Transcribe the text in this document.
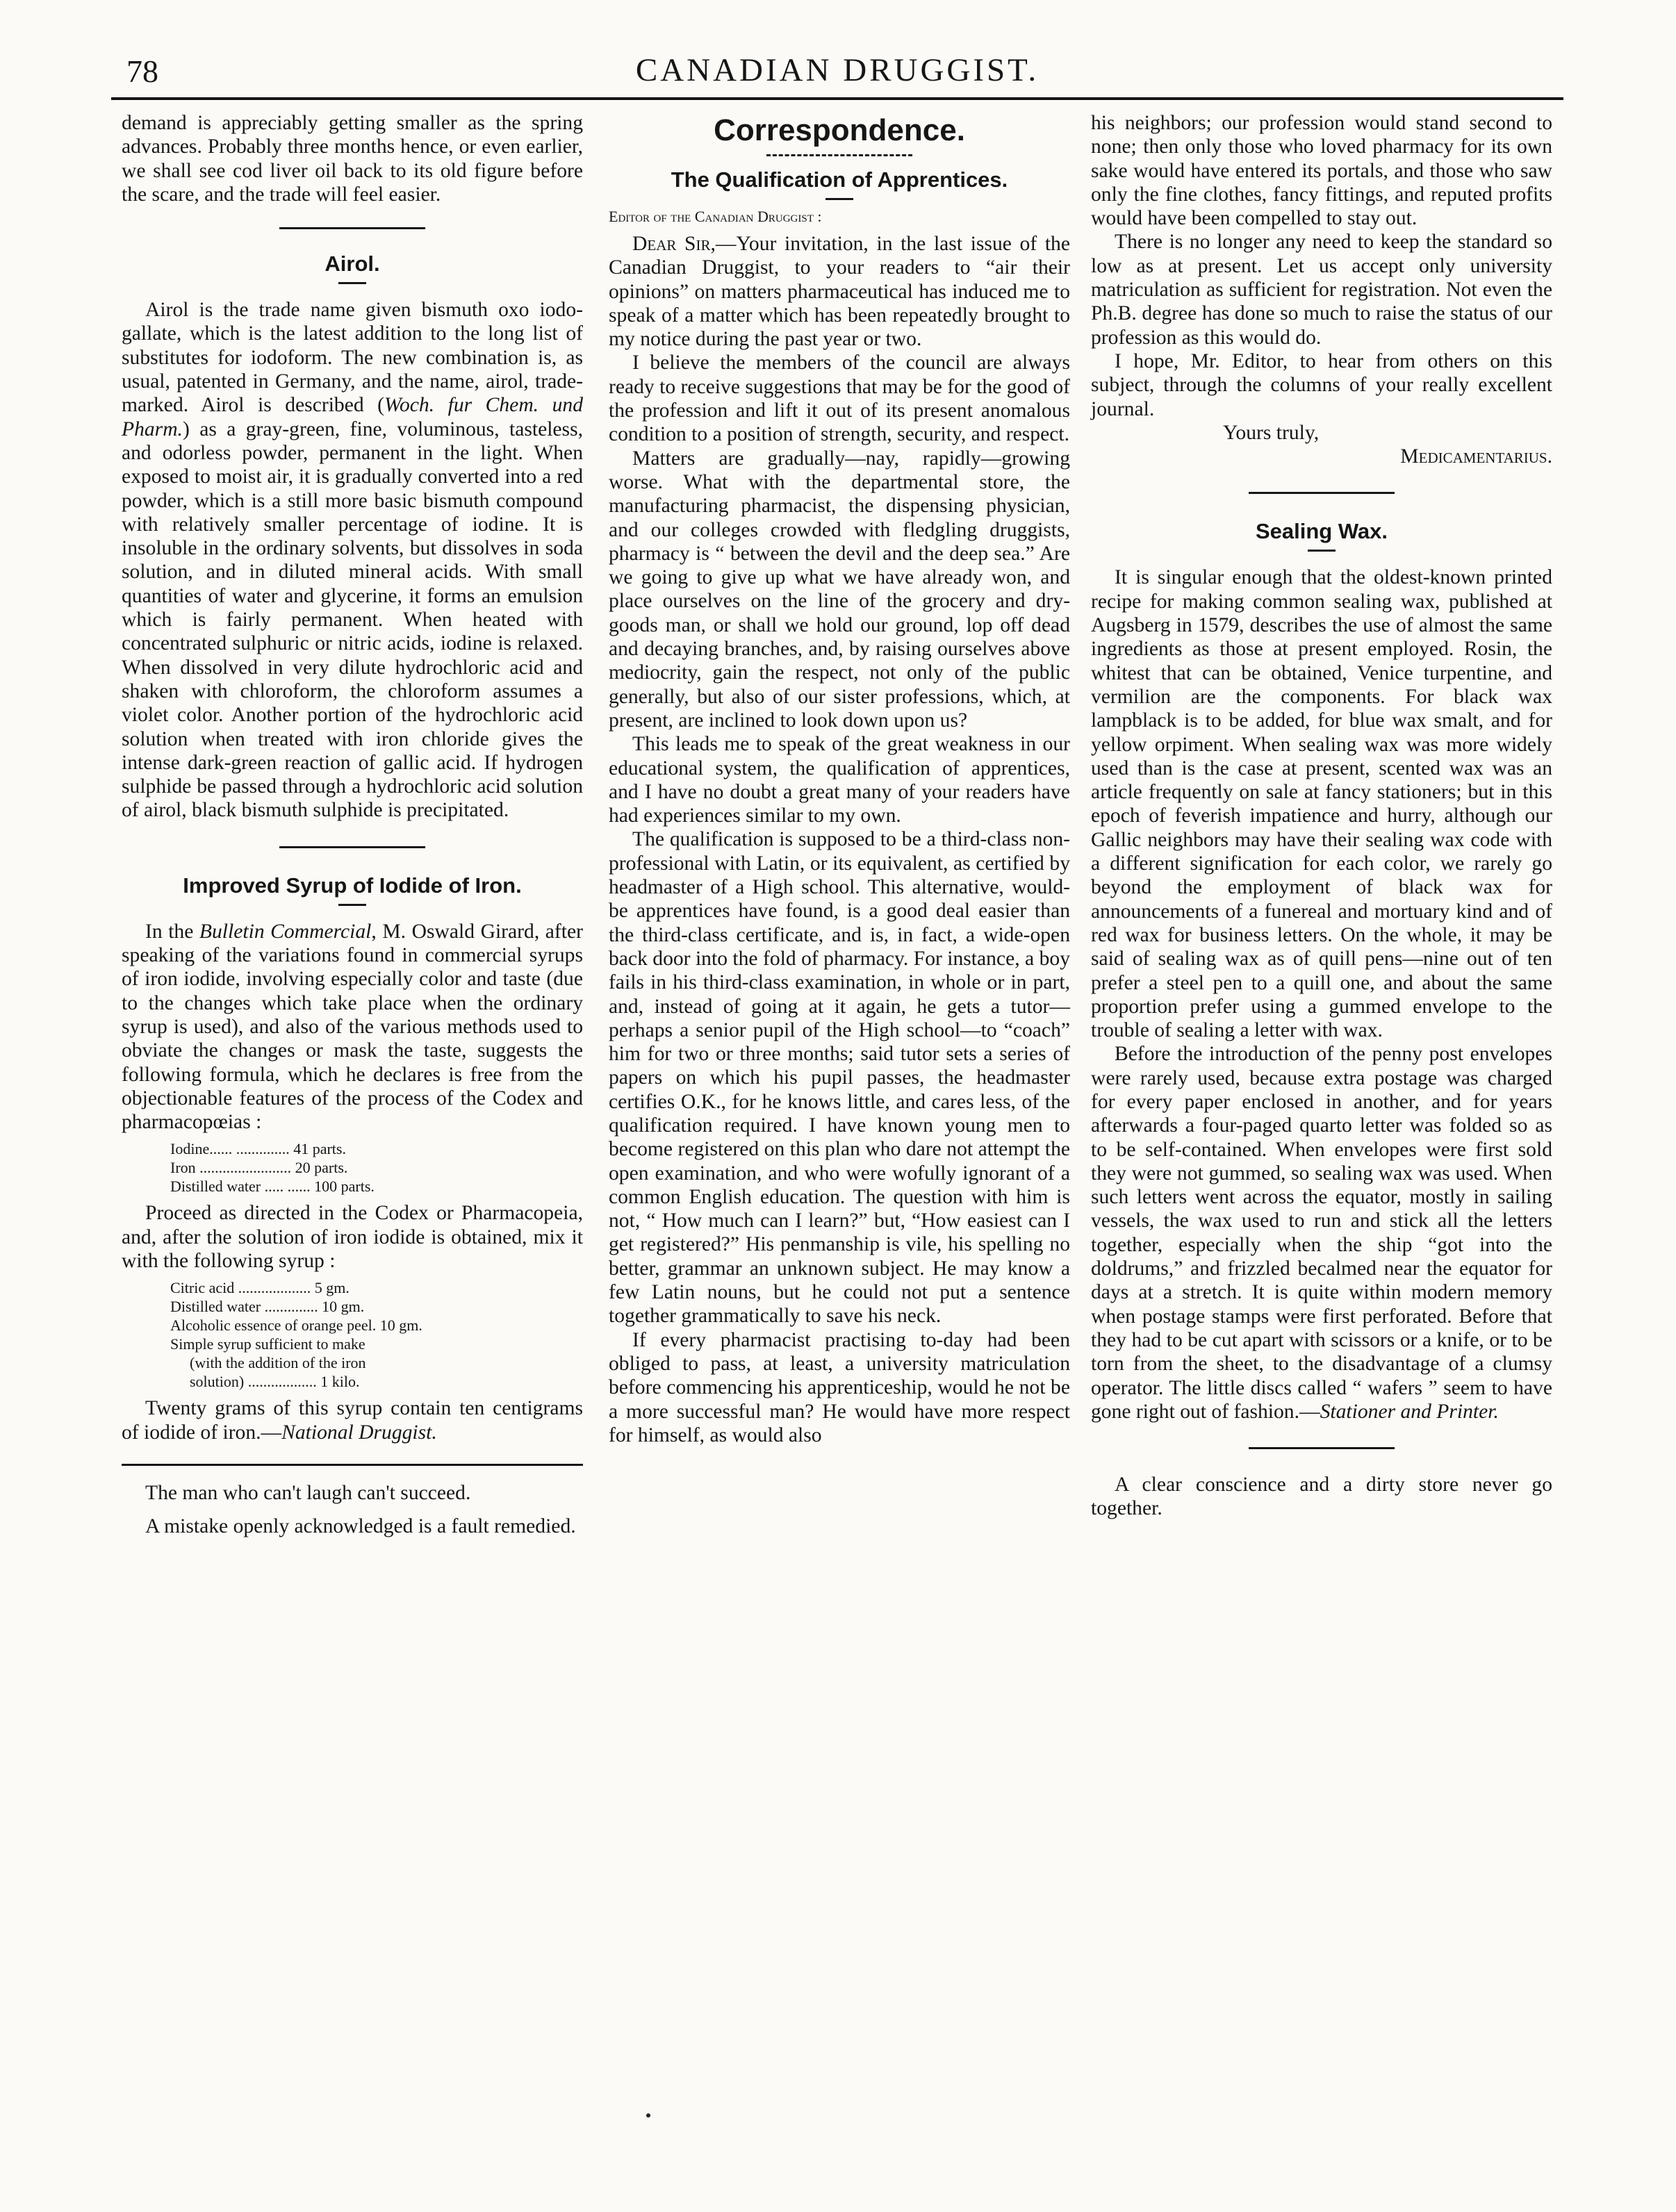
78	CANADIAN DRUGGIST.

demand is appreciably getting smaller as the spring advances. Probably three months hence, or even earlier, we shall see cod liver oil back to its old figure before the scare, and the trade will feel easier.

Airol.

Airol is the trade name given bismuth oxo iodo-gallate, which is the latest addition to the long list of substitutes for iodoform. The new combination is, as usual, patented in Germany, and the name, airol, trade-marked. Airol is described (Woch. fur Chem. und Pharm.) as a gray-green, fine, voluminous, tasteless, and odorless powder, permanent in the light. When exposed to moist air, it is gradually converted into a red powder, which is a still more basic bismuth compound with relatively smaller percentage of iodine. It is insoluble in the ordinary solvents, but dissolves in soda solution, and in diluted mineral acids. With small quantities of water and glycerine, it forms an emulsion which is fairly permanent. When heated with concentrated sulphuric or nitric acids, iodine is relaxed. When dissolved in very dilute hydrochloric acid and shaken with chloroform, the chloroform assumes a violet color. Another portion of the hydrochloric acid solution when treated with iron chloride gives the intense dark-green reaction of gallic acid. If hydrogen sulphide be passed through a hydrochloric acid solution of airol, black bismuth sulphide is precipitated.

Improved Syrup of Iodide of Iron.

In the Bulletin Commercial, M. Oswald Girard, after speaking of the variations found in commercial syrups of iron iodide, involving especially color and taste (due to the changes which take place when the ordinary syrup is used), and also of the various methods used to obviate the changes or mask the taste, suggests the following formula, which he declares is free from the objectionable features of the process of the Codex and pharmacopœias :

Iodine...... .............. 41 parts.
Iron ........................ 20 parts.
Distilled water ..... ...... 100 parts.

Proceed as directed in the Codex or Pharmacopeia, and, after the solution of iron iodide is obtained, mix it with the following syrup :

Citric acid ................... 5 gm.
Distilled water .............. 10 gm.
Alcoholic essence of orange peel. 10 gm.
Simple syrup sufficient to make
(with the addition of the iron
solution) .................. 1 kilo.

Twenty grams of this syrup contain ten centigrams of iodide of iron.—National Druggist.

The man who can't laugh can't succeed.

A mistake openly acknowledged is a fault remedied.

Correspondence.
The Qualification of Apprentices.
Editor of the Canadian Druggist :

Dear Sir,—Your invitation, in the last issue of the Canadian Druggist, to your readers to “air their opinions” on matters pharmaceutical has induced me to speak of a matter which has been repeatedly brought to my notice during the past year or two.

I believe the members of the council are always ready to receive suggestions that may be for the good of the profession and lift it out of its present anomalous condition to a position of strength, security, and respect.

Matters are gradually—nay, rapidly—growing worse. What with the departmental store, the manufacturing pharmacist, the dispensing physician, and our colleges crowded with fledgling druggists, pharmacy is “ between the devil and the deep sea.” Are we going to give up what we have already won, and place ourselves on the line of the grocery and dry-goods man, or shall we hold our ground, lop off dead and decaying branches, and, by raising ourselves above mediocrity, gain the respect, not only of the public generally, but also of our sister professions, which, at present, are inclined to look down upon us?

This leads me to speak of the great weakness in our educational system, the qualification of apprentices, and I have no doubt a great many of your readers have had experiences similar to my own.

The qualification is supposed to be a third-class non-professional with Latin, or its equivalent, as certified by headmaster of a High school. This alternative, would-be apprentices have found, is a good deal easier than the third-class certificate, and is, in fact, a wide-open back door into the fold of pharmacy. For instance, a boy fails in his third-class examination, in whole or in part, and, instead of going at it again, he gets a tutor—perhaps a senior pupil of the High school—to “coach” him for two or three months; said tutor sets a series of papers on which his pupil passes, the headmaster certifies O.K., for he knows little, and cares less, of the qualification required. I have known young men to become registered on this plan who dare not attempt the open examination, and who were wofully ignorant of a common English education. The question with him is not, “ How much can I learn?” but, “How easiest can I get registered?” His penmanship is vile, his spelling no better, grammar an unknown subject. He may know a few Latin nouns, but he could not put a sentence together grammatically to save his neck.

If every pharmacist practising to-day had been obliged to pass, at least, a university matriculation before commencing his apprenticeship, would he not be a more successful man? He would have more respect for himself, as would also

his neighbors; our profession would stand second to none; then only those who loved pharmacy for its own sake would have entered its portals, and those who saw only the fine clothes, fancy fittings, and reputed profits would have been compelled to stay out.

There is no longer any need to keep the standard so low as at present. Let us accept only university matriculation as sufficient for registration. Not even the Ph.B. degree has done so much to raise the status of our profession as this would do.

I hope, Mr. Editor, to hear from others on this subject, through the columns of your really excellent journal.

Yours truly,

Medicamentarius.

Sealing Wax.

It is singular enough that the oldest-known printed recipe for making common sealing wax, published at Augsberg in 1579, describes the use of almost the same ingredients as those at present employed. Rosin, the whitest that can be obtained, Venice turpentine, and vermilion are the components. For black wax lampblack is to be added, for blue wax smalt, and for yellow orpiment. When sealing wax was more widely used than is the case at present, scented wax was an article frequently on sale at fancy stationers; but in this epoch of feverish impatience and hurry, although our Gallic neighbors may have their sealing wax code with a different signification for each color, we rarely go beyond the employment of black wax for announcements of a funereal and mortuary kind and of red wax for business letters. On the whole, it may be said of sealing wax as of quill pens—nine out of ten prefer a steel pen to a quill one, and about the same proportion prefer using a gummed envelope to the trouble of sealing a letter with wax.

Before the introduction of the penny post envelopes were rarely used, because extra postage was charged for every paper enclosed in another, and for years afterwards a four-paged quarto letter was folded so as to be self-contained. When envelopes were first sold they were not gummed, so sealing wax was used. When such letters went across the equator, mostly in sailing vessels, the wax used to run and stick all the letters together, especially when the ship “got into the doldrums,” and frizzled becalmed near the equator for days at a stretch. It is quite within modern memory when postage stamps were first perforated. Before that they had to be cut apart with scissors or a knife, or to be torn from the sheet, to the disadvantage of a clumsy operator. The little discs called “ wafers ” seem to have gone right out of fashion.—Stationer and Printer.

A clear conscience and a dirty store never go together.
